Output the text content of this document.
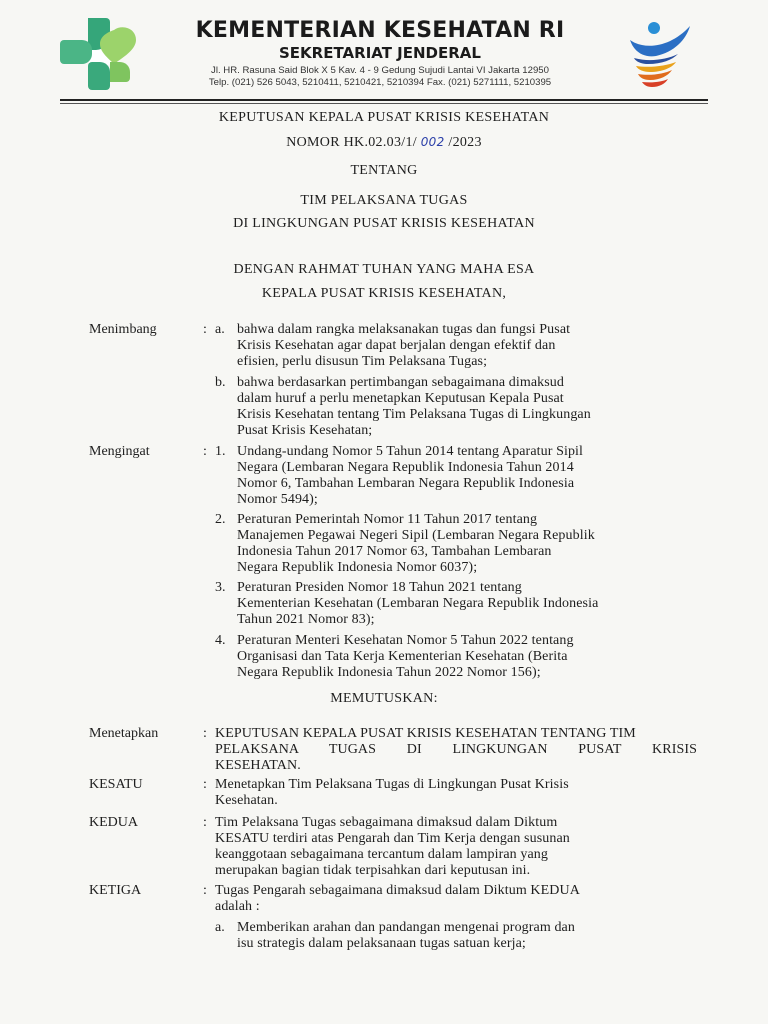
KEMENTERIAN KESEHATAN RI
SEKRETARIAT JENDERAL
Jl. HR. Rasuna Said Blok X 5 Kav. 4 - 9 Gedung Sujudi Lantai VI Jakarta 12950
Telp. (021) 526 5043, 5210411, 5210421, 5210394 Fax. (021) 5271111, 5210395
KEPUTUSAN KEPALA PUSAT KRISIS KESEHATAN
NOMOR HK.02.03/1/ 002 /2023
TENTANG
TIM PELAKSANA TUGAS
DI LINGKUNGAN PUSAT KRISIS KESEHATAN
DENGAN RAHMAT TUHAN YANG MAHA ESA
KEPALA PUSAT KRISIS KESEHATAN,
Menimbang	: a. bahwa dalam rangka melaksanakan tugas dan fungsi Pusat
Krisis Kesehatan agar dapat berjalan dengan efektif dan
efisien, perlu disusun Tim Pelaksana Tugas;
b. bahwa berdasarkan pertimbangan sebagaimana dimaksud
dalam huruf a perlu menetapkan Keputusan Kepala Pusat
Krisis Kesehatan tentang Tim Pelaksana Tugas di Lingkungan
Pusat Krisis Kesehatan;
Mengingat	: 1. Undang-undang Nomor 5 Tahun 2014 tentang Aparatur Sipil
Negara (Lembaran Negara Republik Indonesia Tahun 2014
Nomor 6, Tambahan Lembaran Negara Republik Indonesia
Nomor 5494);
2. Peraturan Pemerintah Nomor 11 Tahun 2017 tentang
Manajemen Pegawai Negeri Sipil (Lembaran Negara Republik
Indonesia Tahun 2017 Nomor 63, Tambahan Lembaran
Negara Republik Indonesia Nomor 6037);
3. Peraturan Presiden Nomor 18 Tahun 2021 tentang
Kementerian Kesehatan (Lembaran Negara Republik Indonesia
Tahun 2021 Nomor 83);
4. Peraturan Menteri Kesehatan Nomor 5 Tahun 2022 tentang
Organisasi dan Tata Kerja Kementerian Kesehatan (Berita
Negara Republik Indonesia Tahun 2022 Nomor 156);
MEMUTUSKAN:
Menetapkan	: KEPUTUSAN KEPALA PUSAT KRISIS KESEHATAN TENTANG TIM
PELAKSANA TUGAS DI LINGKUNGAN PUSAT KRISIS
KESEHATAN.
KESATU	: Menetapkan Tim Pelaksana Tugas di Lingkungan Pusat Krisis
Kesehatan.
KEDUA	: Tim Pelaksana Tugas sebagaimana dimaksud dalam Diktum
KESATU terdiri atas Pengarah dan Tim Kerja dengan susunan
keanggotaan sebagaimana tercantum dalam lampiran yang
merupakan bagian tidak terpisahkan dari keputusan ini.
KETIGA	: Tugas Pengarah sebagaimana dimaksud dalam Diktum KEDUA
adalah :
a. Memberikan arahan dan pandangan mengenai program dan
isu strategis dalam pelaksanaan tugas satuan kerja;
